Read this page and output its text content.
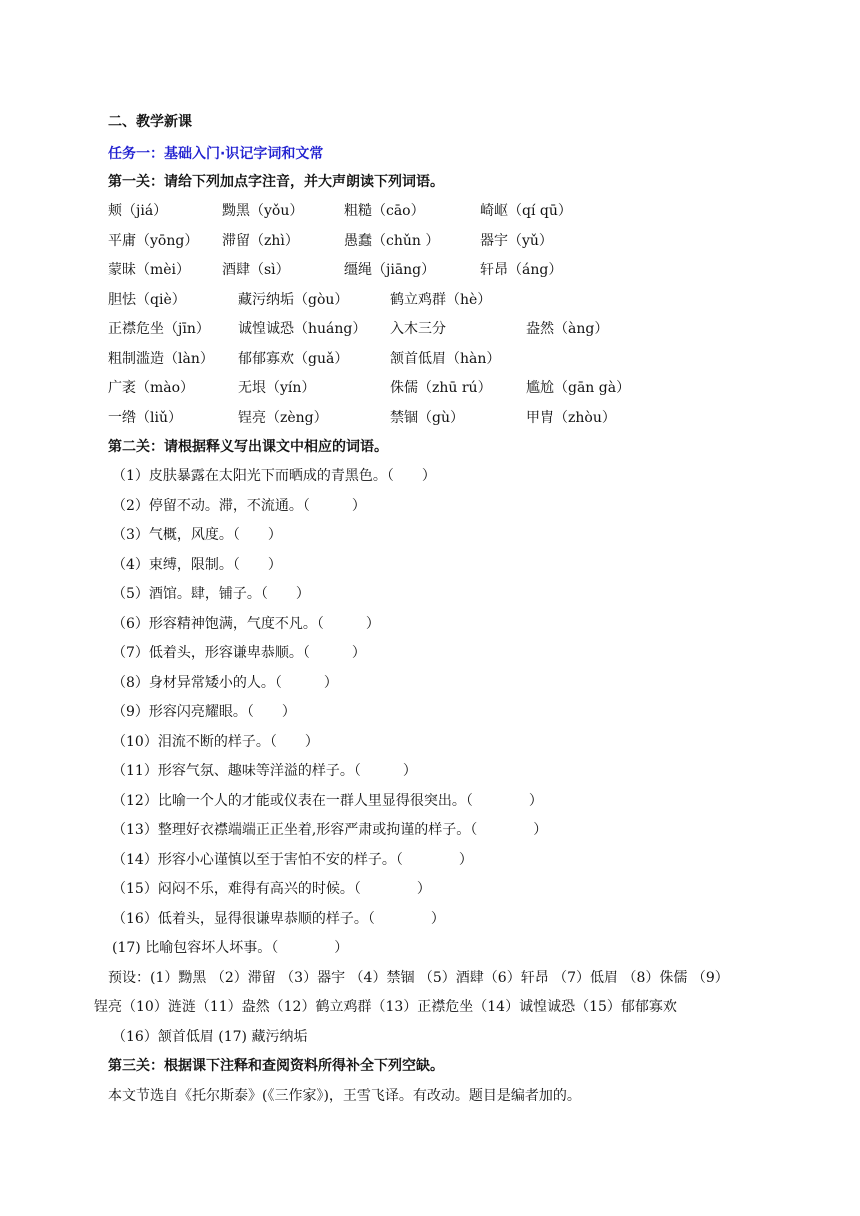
二、教学新课
任务一：基础入门·识记字词和文常
第一关：请给下列加点字注音，并大声朗读下列词语。
颊（jiá）	黝黑（yǒu）	粗糙（cāo）	崎岖（qí qū）
平庸（yōng） 滞留（zhì）	愚蠢（chǔn ）	器宇（yǔ）
蒙昧（mèi） 酒肆（sì）	缰绳（jiāng）	轩昂（áng）
胆怯（qiè）	藏污纳垢（gòu）	鹤立鸡群（hè）
正襟危坐（jīn） 诚惶诚恐（huáng） 入木三分	盎然（àng）
粗制滥造（làn） 郁郁寡欢（guǎ）	颔首低眉（hàn）
广袤（mào）	无垠（yín）	侏儒（zhū rú） 尴尬（gān gà）
一绺（liǔ）	锃亮（zèng）	禁锢（gù）	甲胄（zhòu）
第二关：请根据释义写出课文中相应的词语。
（1）皮肤暴露在太阳光下而晒成的青黑色。（　　）
（2）停留不动。滞，不流通。（　　　）
（3）气概，风度。（　　）
（4）束缚，限制。（　　）
（5）酒馆。肆，铺子。（　　）
（6）形容精神饱满，气度不凡。（　　　）
（7）低着头，形容谦卑恭顺。（　　　）
（8）身材异常矮小的人。（　　　）
（9）形容闪亮耀眼。（　　）
（10）泪流不断的样子。（　　）
（11）形容气氛、趣味等洋溢的样子。（　　　）
（12）比喻一个人的才能或仪表在一群人里显得很突出。（　　　　）
（13）整理好衣襟端端正正坐着,形容严肃或拘谨的样子。（　　　　）
（14）形容小心谨慎以至于害怕不安的样子。（　　　　）
（15）闷闷不乐，难得有高兴的时候。（　　　　）
（16）低着头，显得很谦卑恭顺的样子。（　　　　）
(17) 比喻包容坏人坏事。（　　　　）
预设：(1）黝黑 （2）滞留 （3）器宇 （4）禁锢 （5）酒肆（6）轩昂 （7）低眉 （8）侏儒 （9）
锃亮（10）涟涟（11）盎然（12）鹤立鸡群（13）正襟危坐（14）诚惶诚恐（15）郁郁寡欢
（16）颔首低眉 (17) 藏污纳垢
第三关：根据课下注释和查阅资料所得补全下列空缺。
本文节选自《托尔斯泰》(《三作家》)，王雪飞译。有改动。题目是编者加的。
